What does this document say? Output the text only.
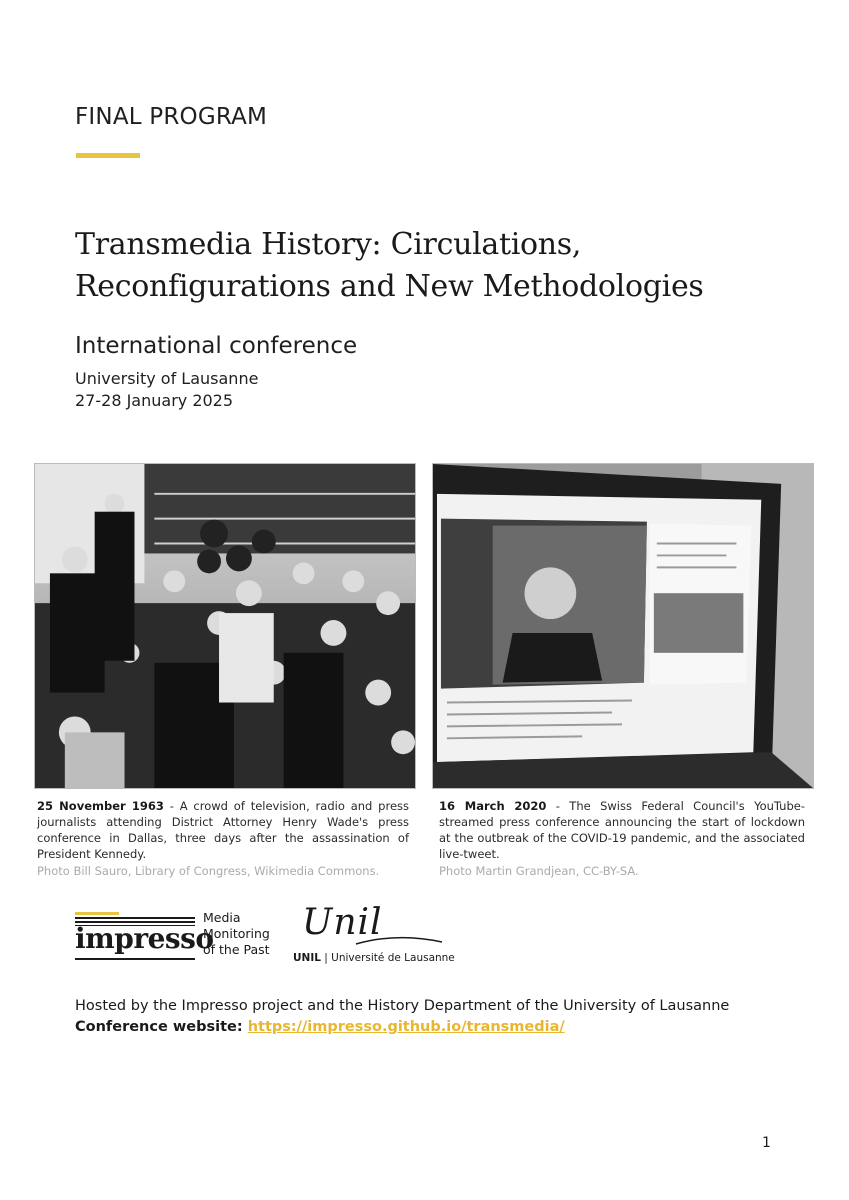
FINAL PROGRAM
Transmedia History: Circulations,
Reconfigurations and New Methodologies
International conference
University of Lausanne
27-28 January 2025
25 November 1963 - A crowd of television, radio and press journalists attending District Attorney Henry Wade's press conference in Dallas, three days after the assassination of President Kennedy.
Photo Bill Sauro, Library of Congress, Wikimedia Commons.
16 March 2020 - The Swiss Federal Council's YouTube-streamed press conference announcing the start of lockdown at the outbreak of the COVID-19 pandemic, and the associated live-tweet.
Photo Martin Grandjean, CC-BY-SA.
impresso
Media
Monitoring
of the Past
Unil
UNIL | Université de Lausanne
Hosted by the Impresso project and the History Department of the University of Lausanne
Conference website: https://impresso.github.io/transmedia/
1
